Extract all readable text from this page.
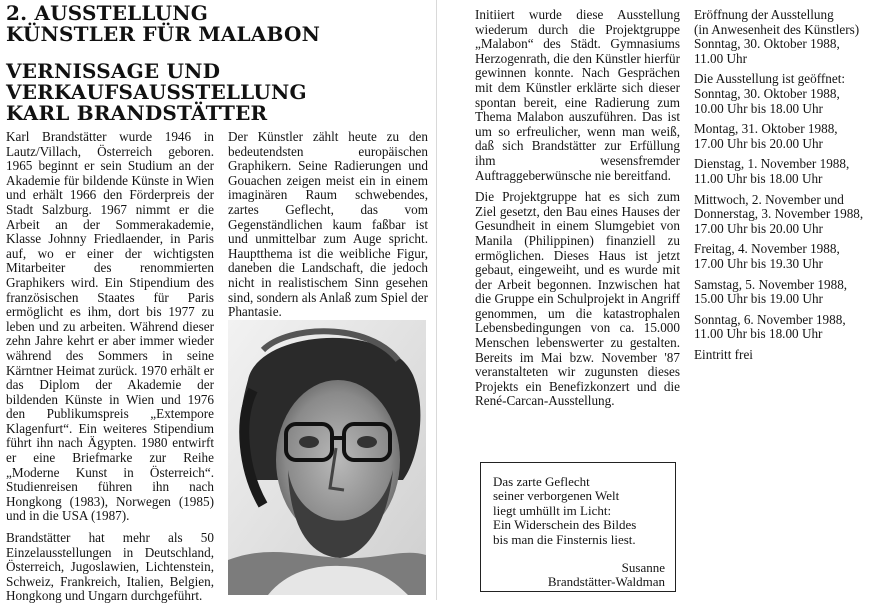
2. AUSSTELLUNG
KÜNSTLER FÜR MALABON
VERNISSAGE UND
VERKAUFSAUSSTELLUNG
KARL BRANDSTÄTTER

Karl Brandstätter wurde 1946 in Lautz/Villach, Österreich geboren. 1965 beginnt er sein Studium an der Akademie für bildende Künste in Wien und erhält 1966 den Förderpreis der Stadt Salzburg. 1967 nimmt er die Arbeit an der Sommerakademie, Klasse Johnny Friedlaender, in Paris auf, wo er einer der wichtigsten Mitarbeiter des renommierten Graphikers wird. Ein Stipendium des französischen Staates für Paris ermöglicht es ihm, dort bis 1977 zu leben und zu arbeiten. Während dieser zehn Jahre kehrt er aber immer wieder während des Sommers in seine Kärntner Heimat zurück. 1970 erhält er das Diplom der Akademie der bildenden Künste in Wien und 1976 den Publikumspreis „Extempore Klagenfurt“. Ein weiteres Stipendium führt ihn nach Ägypten. 1980 entwirft er eine Briefmarke zur Reihe „Moderne Kunst in Österreich“. Studienreisen führen ihn nach Hongkong (1983), Norwegen (1985) und in die USA (1987).

Brandstätter hat mehr als 50 Einzelausstellungen in Deutschland, Österreich, Jugoslawien, Lichtenstein, Schweiz, Frankreich, Italien, Belgien, Hongkong und Ungarn durchgeführt.

Der Künstler zählt heute zu den bedeutendsten europäischen Graphikern. Seine Radierungen und Gouachen zeigen meist ein in einem imaginären Raum schwebendes, zartes Geflecht, das vom Gegenständlichen kaum faßbar ist und unmittelbar zum Auge spricht. Hauptthema ist die weibliche Figur, daneben die Landschaft, die jedoch nicht in realistischem Sinn gesehen sind, sondern als Anlaß zum Spiel der Phantasie.

Initiiert wurde diese Ausstellung wiederum durch die Projektgruppe „Malabon“ des Städt. Gymnasiums Herzogenrath, die den Künstler hierfür gewinnen konnte. Nach Gesprächen mit dem Künstler erklärte sich dieser spontan bereit, eine Radierung zum Thema Malabon auszuführen. Das ist um so erfreulicher, wenn man weiß, daß sich Brandstätter zur Erfüllung ihm wesensfremder Auftraggeberwünsche nie bereitfand.

Die Projektgruppe hat es sich zum Ziel gesetzt, den Bau eines Hauses der Gesundheit in einem Slumgebiet von Manila (Philippinen) finanziell zu ermöglichen. Dieses Haus ist jetzt gebaut, eingeweiht, und es wurde mit der Arbeit begonnen. Inzwischen hat die Gruppe ein Schulprojekt in Angriff genommen, um die katastrophalen Lebensbedingungen von ca. 15.000 Menschen lebenswerter zu gestalten. Bereits im Mai bzw. November '87 veranstalteten wir zugunsten dieses Projekts ein Benefizkonzert und die René-Carcan-Ausstellung.

Eröffnung der Ausstellung
(in Anwesenheit des Künstlers)
Sonntag, 30. Oktober 1988,
11.00 Uhr

Die Ausstellung ist geöffnet:
Sonntag, 30. Oktober 1988,
10.00 Uhr bis 18.00 Uhr

Montag, 31. Oktober 1988,
17.00 Uhr bis 20.00 Uhr

Dienstag, 1. November 1988,
11.00 Uhr bis 18.00 Uhr

Mittwoch, 2. November und
Donnerstag, 3. November 1988,
17.00 Uhr bis 20.00 Uhr

Freitag, 4. November 1988,
17.00 Uhr bis 19.30 Uhr

Samstag, 5. November 1988,
15.00 Uhr bis 19.00 Uhr

Sonntag, 6. November 1988,
11.00 Uhr bis 18.00 Uhr

Eintritt frei

Das zarte Geflecht
seiner verborgenen Welt
liegt umhüllt im Licht:
Ein Widerschein des Bildes
bis man die Finsternis liest.
Susanne
Brandstätter-Waldman
